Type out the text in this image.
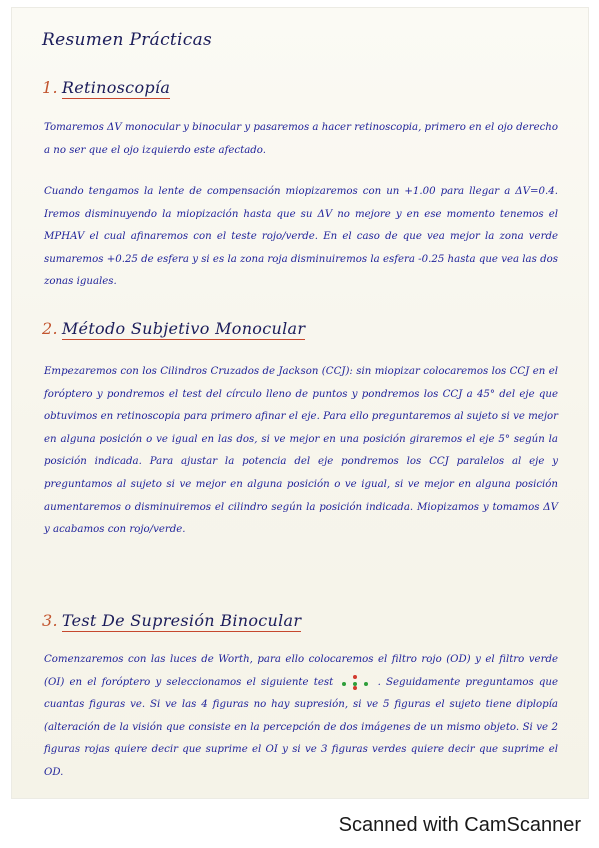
Resumen Prácticas

1. Retinoscopía

Tomaremos ΔV monocular y binocular y pasaremos a hacer retinoscopia, primero en el ojo derecho a no ser que el ojo izquierdo este afectado.

Cuando tengamos la lente de compensación miopizaremos con un +1.00 para llegar a ΔV=0.4. Iremos disminuyendo la miopización hasta que su ΔV no mejore y en ese momento tenemos el MPHAV el cual afinaremos con el teste rojo/verde. En el caso de que vea mejor la zona verde sumaremos +0.25 de esfera y si es la zona roja disminuiremos la esfera -0.25 hasta que vea las dos zonas iguales.

2. Método Subjetivo Monocular

Empezaremos con los Cilindros Cruzados de Jackson (CCJ): sin miopizar colocaremos los CCJ en el foróptero y pondremos el test del círculo lleno de puntos y pondremos los CCJ a 45° del eje que obtuvimos en retinoscopia para primero afinar el eje. Para ello preguntaremos al sujeto si ve mejor en alguna posición o ve igual en las dos, si ve mejor en una posición giraremos el eje 5° según la posición indicada. Para ajustar la potencia del eje pondremos los CCJ paralelos al eje y preguntamos al sujeto si ve mejor en alguna posición o ve igual, si ve mejor en alguna posición aumentaremos o disminuiremos el cilindro según la posición indicada. Miopizamos y tomamos ΔV y acabamos con rojo/verde.

3. Test De Supresión Binocular

Comenzaremos con las luces de Worth, para ello colocaremos el filtro rojo (OD) y el filtro verde (OI) en el foróptero y seleccionamos el siguiente test	. Seguidamente preguntamos que cuantas figuras ve. Si ve las 4 figuras no hay supresión, si ve 5 figuras el sujeto tiene diplopía (alteración de la visión que consiste en la percepción de dos imágenes de un mismo objeto. Si ve 2 figuras rojas quiere decir que suprime el OI y si ve 3 figuras verdes quiere decir que suprime el OD.

Scanned with CamScanner
